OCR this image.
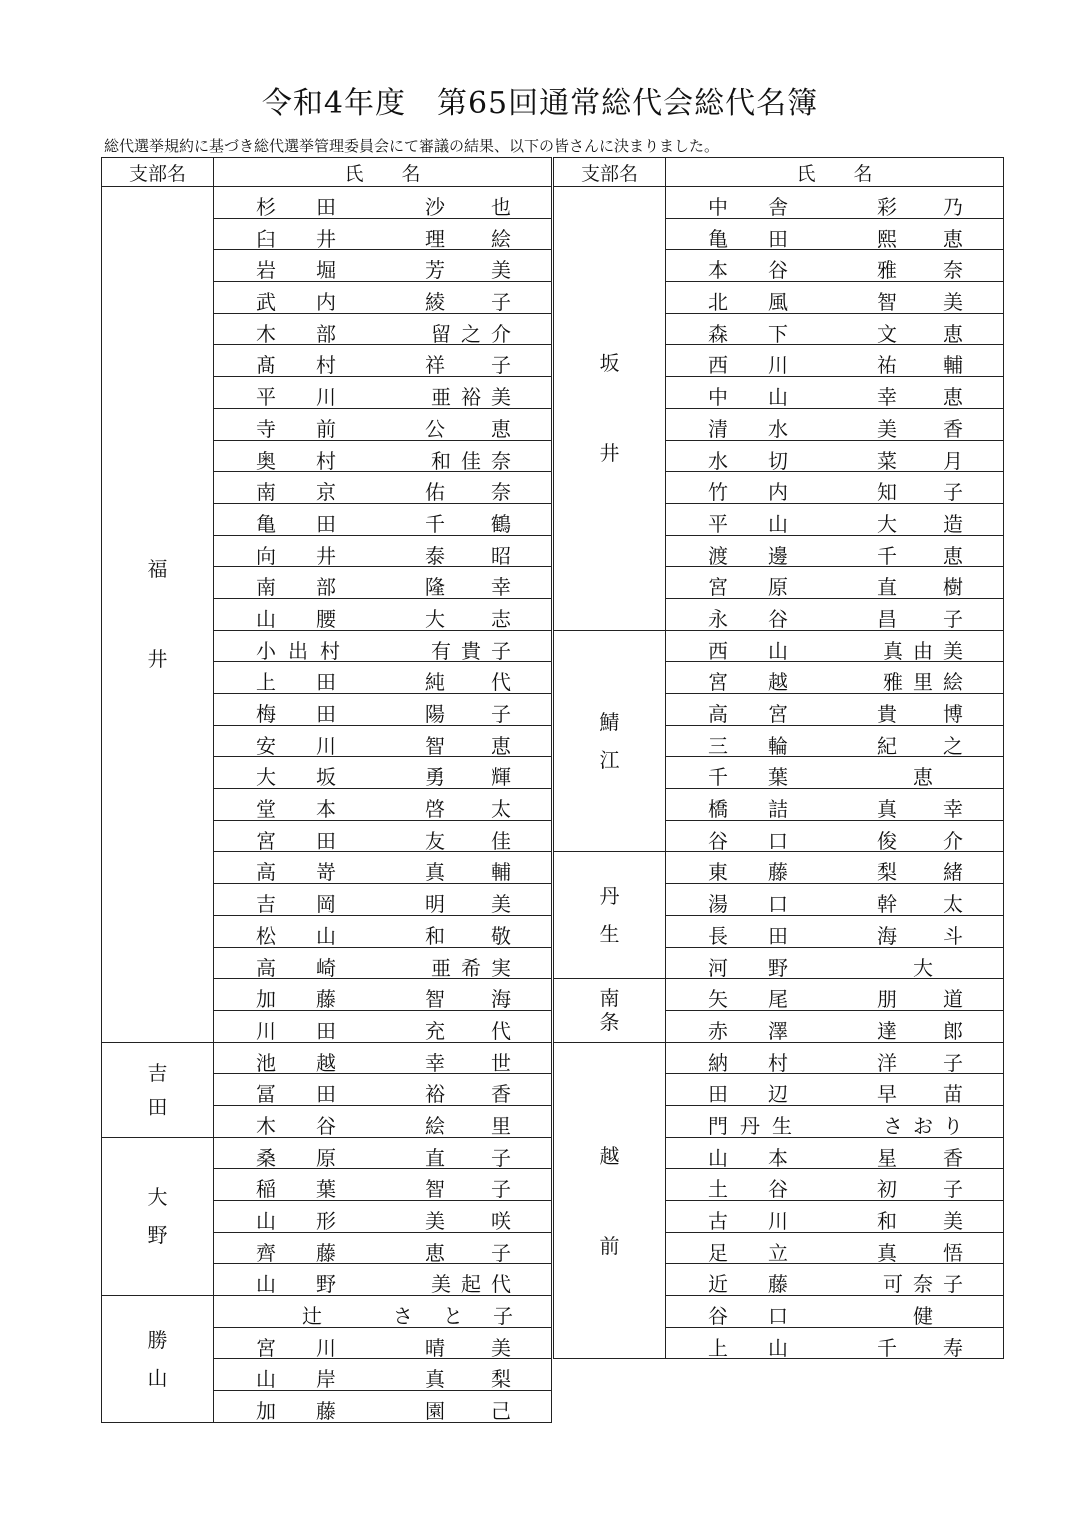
令和4年度　第65回通常総代会総代名簿
総代選挙規約に基づき総代選挙管理委員会にて審議の結果、以下の皆さんに決まりました。
支部名	氏　　名

福
井	杉田 沙也

	臼井 理絵

	岩堀 芳美

	武内 綾子

	木部 留之介

	髙村 祥子

	平川 亜裕美

	寺前 公恵

	奥村 和佳奈

	南京 佑奈

	亀田 千鶴

	向井 泰昭

	南部 隆幸

	山腰 大志

	小出村 有貴子

	上田 純代

	梅田 陽子

	安川 智恵

	大坂 勇輝

	堂本 啓太

	宮田 友佳

	高嵜 真輔

	吉岡 明美

	松山 和敬

	高崎 亜希実

	加藤 智海

	川田 充代

吉
田	池越 幸世

	冨田 裕香

	木谷 絵里

大
野	桑原 直子

	稲葉 智子

	山形 美咲

	齊藤 恵子

	山野 美起代

勝
山	辻 さと子

	宮川 晴美

	山岸 真梨

	加藤 園己
支部名	氏　　名

坂
井	中舎 彩乃

	亀田 熙恵

	本谷 雅奈

	北風 智美

	森下 文恵

	西川 祐輔

	中山 幸恵

	清水 美香

	水切 菜月

	竹内 知子

	平山 大造

	渡邊 千恵

	宮原 直樹

	永谷 昌子

鯖
江	西山 真由美

	宮越 雅里絵

	高宮 貴博

	三輪 紀之

	千葉 恵

	橋詰 真幸

	谷口 俊介

丹
生	東藤 梨緒

	湯口 幹太

	長田 海斗

	河野 大

南
条	矢尾 朋道

	赤澤 達郎

越
前	納村 洋子

	田辺 早苗

	門丹生 さおり

	山本 星香

	土谷 初子

	古川 和美

	足立 真悟

	近藤 可奈子

	谷口 健

	上山 千寿
